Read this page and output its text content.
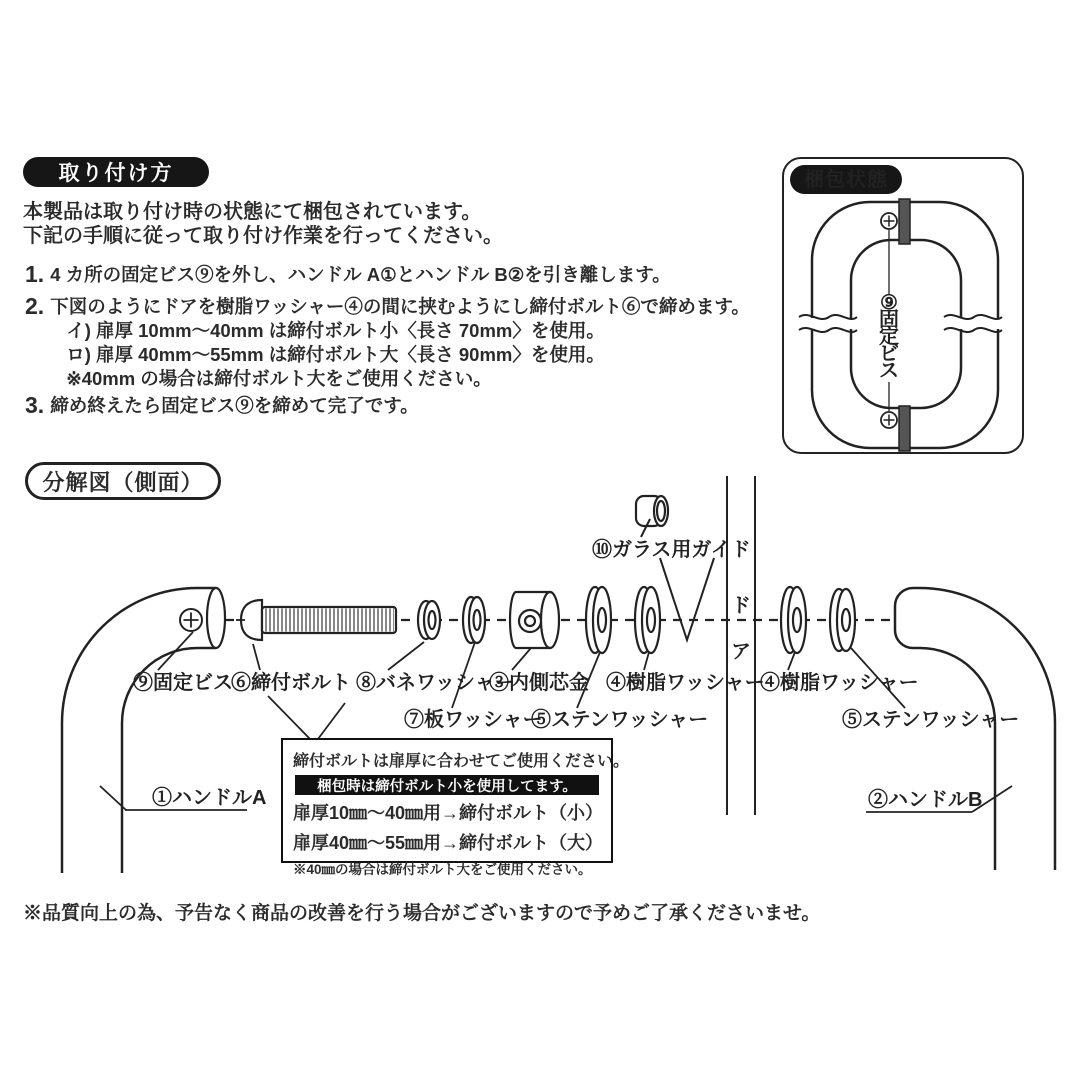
取り付け方
本製品は取り付け時の状態にて梱包されています。
下記の手順に従って取り付け作業を行ってください。
1. 4 カ所の固定ビス⑨を外し、ハンドル A①とハンドル B②を引き離します。
2. 下図のようにドアを樹脂ワッシャー④の間に挟むようにし締付ボルト⑥で締めます。
イ) 扉厚 10mm～40mm は締付ボルト小〈長さ 70mm〉を使用。
ロ) 扉厚 40mm～55mm は締付ボルト大〈長さ 90mm〉を使用。
※40mm の場合は締付ボルト大をご使用ください。
3. 締め終えたら固定ビス⑨を締めて完了です。
⑨
固
定
ビ
ス
梱包状態
分解図（側面）
ド
ア
⑨固定ビス
⑥締付ボルト ⑧バネワッシャー
③内側芯金 ④樹脂ワッシャー
④樹脂ワッシャー
⑦板ワッシャー
⑤ステンワッシャー	⑤ステンワッシャー
⑩ガラス用ガイド
①ハンドルA	②ハンドルB
締付ボルトは扉厚に合わせてご使用ください。
梱包時は締付ボルト小を使用してます。
扉厚10㎜～40㎜用→締付ボルト（小）
扉厚40㎜～55㎜用→締付ボルト（大）
※40㎜の場合は締付ボルト大をご使用ください。
※品質向上の為、予告なく商品の改善を行う場合がございますので予めご了承くださいませ。
